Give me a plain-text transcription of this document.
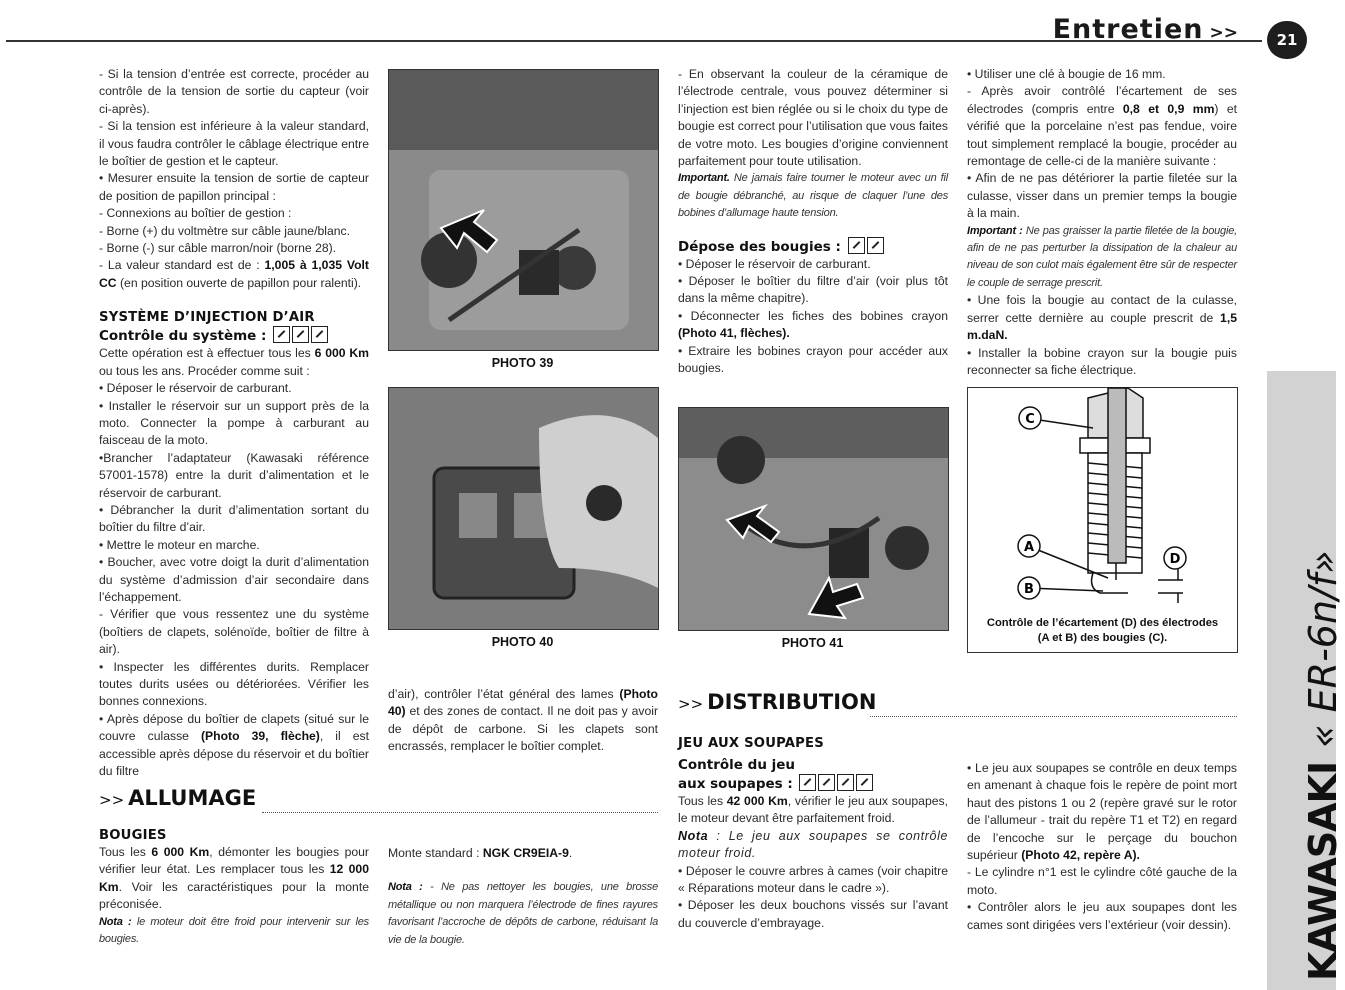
Entretien >>	21

- Si la tension d’entrée est correcte, procéder au contrôle de la tension de sortie du capteur (voir ci-après).

- Si la tension est inférieure à la valeur standard, il vous faudra contrôler le câblage électrique entre le boîtier de gestion et le capteur.

• Mesurer ensuite la tension de sortie de capteur de position de papillon principal :

- Connexions au boîtier de gestion :

- Borne (+) du voltmètre sur câble jaune/blanc.

- Borne (-) sur câble marron/noir (borne 28).

- La valeur standard est de : 1,005 à 1,035 Volt CC (en position ouverte de papillon pour ralenti).

SYSTÈME D’INJECTION D’AIR

Contrôle du système :

Cette opération est à effectuer tous les 6 000 Km ou tous les ans. Procéder comme suit :

• Déposer le réservoir de carburant.

• Installer le réservoir sur un support près de la moto. Connecter la pompe à carburant au faisceau de la moto.

•Brancher l’adaptateur (Kawasaki référence 57001-1578) entre la durit d’alimentation et le réservoir de carburant.

• Débrancher la durit d’alimentation sortant du boîtier du filtre d’air.

• Mettre le moteur en marche.

• Boucher, avec votre doigt la durit d’alimentation du système d’admission d’air secondaire dans l’échappement.

- Vérifier que vous ressentez une du système (boîtiers de clapets, solénoïde, boîtier de filtre à air).

• Inspecter les différentes durits. Remplacer toutes durits usées ou détériorées. Vérifier les bonnes connexions.

• Après dépose du boîtier de clapets (situé sur le couvre culasse (Photo 39, flèche), il est accessible après dépose du réservoir et du boîtier du filtre

PHOTO 39
PHOTO 40

d’air), contrôler l’état général des lames (Photo 40) et des zones de contact. Il ne doit pas y avoir de dépôt de carbone. Si les clapets sont encrassés, remplacer le boîtier complet.

- En observant la couleur de la céramique de l’électrode centrale, vous pouvez déterminer si l’injection est bien réglée ou si le choix du type de bougie est correct pour l’utilisation que vous faites de votre moto. Les bougies d’origine conviennent parfaitement pour toute utilisation.

Important. Ne jamais faire tourner le moteur avec un fil de bougie débranché, au risque de claquer l’une des bobines d’allumage haute tension.

Dépose des bougies :

• Déposer le réservoir de carburant.

• Déposer le boîtier du filtre d’air (voir plus tôt dans la même chapitre).

• Déconnecter les fiches des bobines crayon (Photo 41, flèches).

• Extraire les bobines crayon pour accéder aux bougies.

PHOTO 41

• Utiliser une clé à bougie de 16 mm.

- Après avoir contrôlé l’écartement de ses électrodes (compris entre 0,8 et 0,9 mm) et vérifié que la porcelaine n’est pas fendue, voire tout simplement remplacé la bougie, procéder au remontage de celle-ci de la manière suivante :

• Afin de ne pas détériorer la partie filetée sur la culasse, visser dans un premier temps la bougie à la main.

Important : Ne pas graisser la partie filetée de la bougie, afin de ne pas perturber la dissipation de la chaleur au niveau de son culot mais également être sûr de respecter le couple de serrage prescrit.

• Une fois la bougie au contact de la culasse, serrer cette dernière au couple prescrit de 1,5 m.daN.

• Installer la bobine crayon sur la bougie puis reconnecter sa fiche électrique.

C
A
B
D
Contrôle de l’écartement (D) des électrodes
(A et B) des bougies (C).
>> ALLUMAGE

BOUGIES

Tous les 6 000 Km, démonter les bougies pour vérifier leur état. Les remplacer tous les 12 000 Km. Voir les caractéristiques pour la monte préconisée.

Nota : le moteur doit être froid pour intervenir sur les bougies.

Monte standard : NGK CR9EIA-9.

Nota : - Ne pas nettoyer les bougies, une brosse métallique ou non marquera l’électrode de fines rayures favorisant l’accroche de dépôts de carbone, réduisant la vie de la bougie.

>> DISTRIBUTION

JEU AUX SOUPAPES

Contrôle du jeu

aux soupapes :

Tous les 42 000 Km, vérifier le jeu aux soupapes, le moteur devant être parfaitement froid.

Nota : Le jeu aux soupapes se contrôle moteur froid.

• Déposer le couvre arbres à cames (voir chapitre « Réparations moteur dans le cadre »).

• Déposer les deux bouchons vissés sur l’avant du couvercle d’embrayage.

• Le jeu aux soupapes se contrôle en deux temps en amenant à chaque fois le repère de point mort haut des pistons 1 ou 2 (repère gravé sur le rotor de l’allumeur - trait du repère T1 et T2) en regard de l’encoche sur le perçage du bouchon supérieur (Photo 42, repère A).

- Le cylindre n°1 est le cylindre côté gauche de la moto.

• Contrôler alors le jeu aux soupapes dont les cames sont dirigées vers l’extérieur (voir dessin). KAWASAKI« ER-6n/f»
